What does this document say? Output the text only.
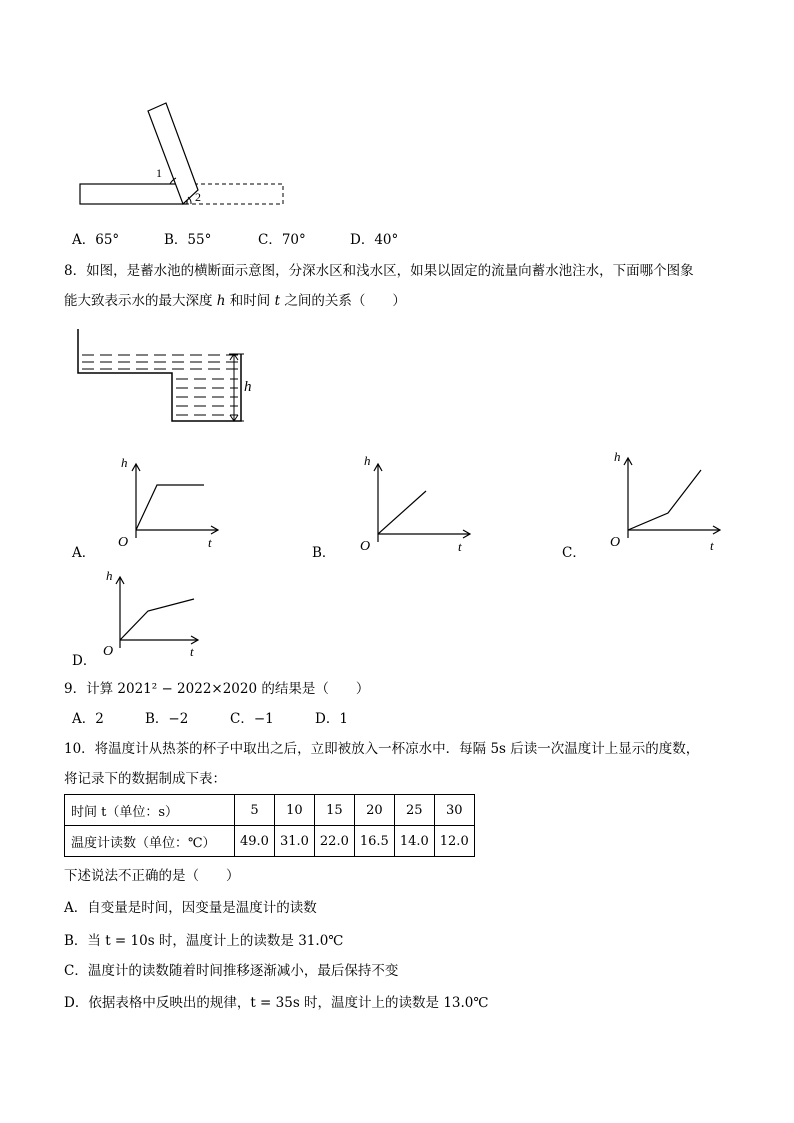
1
2
A．65°	B．55°	C．70°	D．40°
8．如图，是蓄水池的横断面示意图，分深水区和浅水区，如果以固定的流量向蓄水池注水，下面哪个图象
能大致表示水的最大深度 h 和时间 t 之间的关系（　　）
h
A．
h
t
O
B．
h
t
O	C．
h
t
O
D．
h
t
O
9．计算 2021² − 2022×2020 的结果是（　　）
A．2	B．−2	C．−1	D．1
10．将温度计从热茶的杯子中取出之后，立即被放入一杯凉水中．每隔 5s 后读一次温度计上显示的度数，
将记录下的数据制成下表：
时间 t（单位：s）	5	10	15	20	25	30
温度计读数（单位：℃）	49.0	31.0	22.0	16.5	14.0	12.0
下述说法不正确的是（　　）
A．自变量是时间，因变量是温度计的读数
B．当 t = 10s 时，温度计上的读数是 31.0℃
C．温度计的读数随着时间推移逐渐减小，最后保持不变
D．依据表格中反映出的规律，t = 35s 时，温度计上的读数是 13.0℃
